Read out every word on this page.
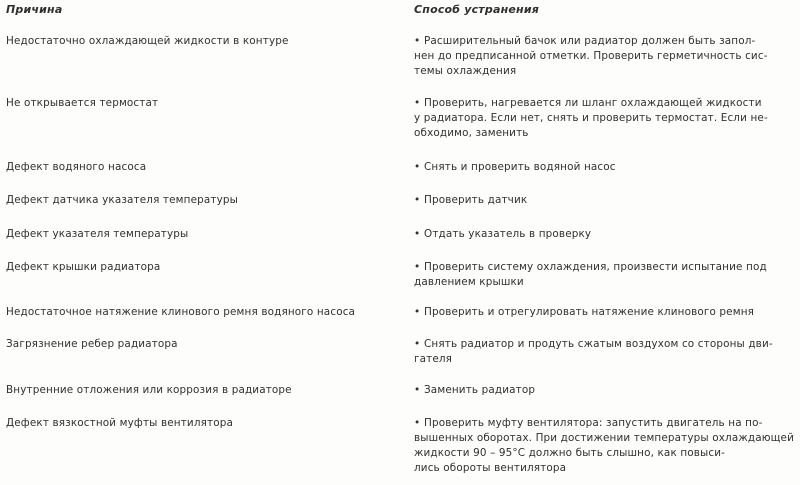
Причина	Способ устранения
Недостаточно охлаждающей жидкости в контуре	• Расширительный бачок или радиатор должен быть запол-
нен до предписанной отметки. Проверить герметичность сис-
темы охлаждения
Не открывается термостат	• Проверить, нагревается ли шланг охлаждающей жидкости
у радиатора. Если нет, снять и проверить термостат. Если не-
обходимо, заменить
Дефект водяного насоса	• Снять и проверить водяной насос
Дефект датчика указателя температуры	• Проверить датчик
Дефект указателя температуры	• Отдать указатель в проверку
Дефект крышки радиатора	• Проверить систему охлаждения, произвести испытание под
давлением крышки
Недостаточное натяжение клинового ремня водяного насоса	• Проверить и отрегулировать натяжение клинового ремня
Загрязнение ребер радиатора	• Снять радиатор и продуть сжатым воздухом со стороны дви-
гателя
Внутренние отложения или коррозия в радиаторе	• Заменить радиатор
Дефект вязкостной муфты вентилятора	• Проверить муфту вентилятора: запустить двигатель на по-
вышенных оборотах. При достижении температуры охлаждающей
жидкости 90 – 95°C должно быть слышно, как повыси-
лись обороты вентилятора
